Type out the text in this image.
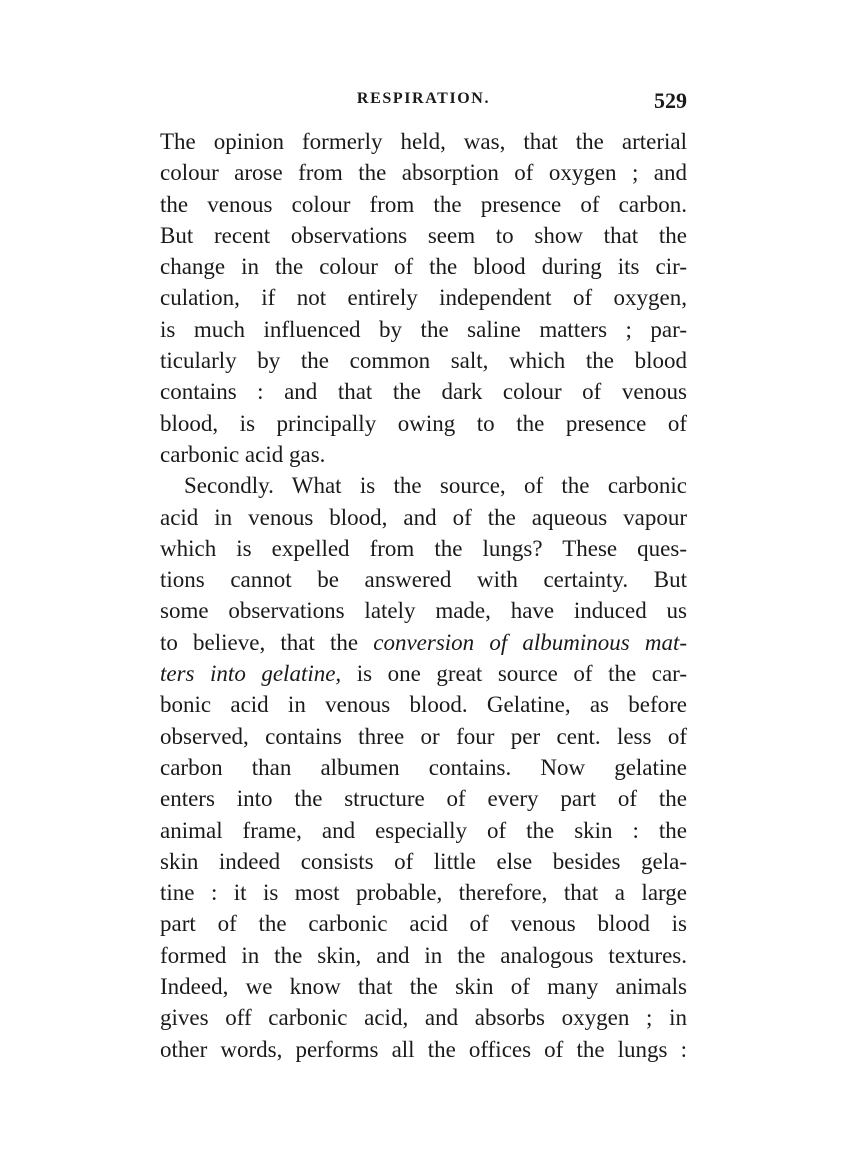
RESPIRATION.	529
The opinion formerly held, was, that the arterial
colour arose from the absorption of oxygen ; and
the venous colour from the presence of carbon.
But recent observations seem to show that the
change in the colour of the blood during its cir-
culation, if not entirely independent of oxygen,
is much influenced by the saline matters ; par-
ticularly by the common salt, which the blood
contains : and that the dark colour of venous
blood, is principally owing to the presence of
carbonic acid gas.
Secondly. What is the source, of the carbonic
acid in venous blood, and of the aqueous vapour
which is expelled from the lungs? These ques-
tions cannot be answered with certainty. But
some observations lately made, have induced us
to believe, that the conversion of albuminous mat-
ters into gelatine, is one great source of the car-
bonic acid in venous blood. Gelatine, as before
observed, contains three or four per cent. less of
carbon than albumen contains. Now gelatine
enters into the structure of every part of the
animal frame, and especially of the skin : the
skin indeed consists of little else besides gela-
tine : it is most probable, therefore, that a large
part of the carbonic acid of venous blood is
formed in the skin, and in the analogous textures.
Indeed, we know that the skin of many animals
gives off carbonic acid, and absorbs oxygen ; in
other words, performs all the offices of the lungs :
